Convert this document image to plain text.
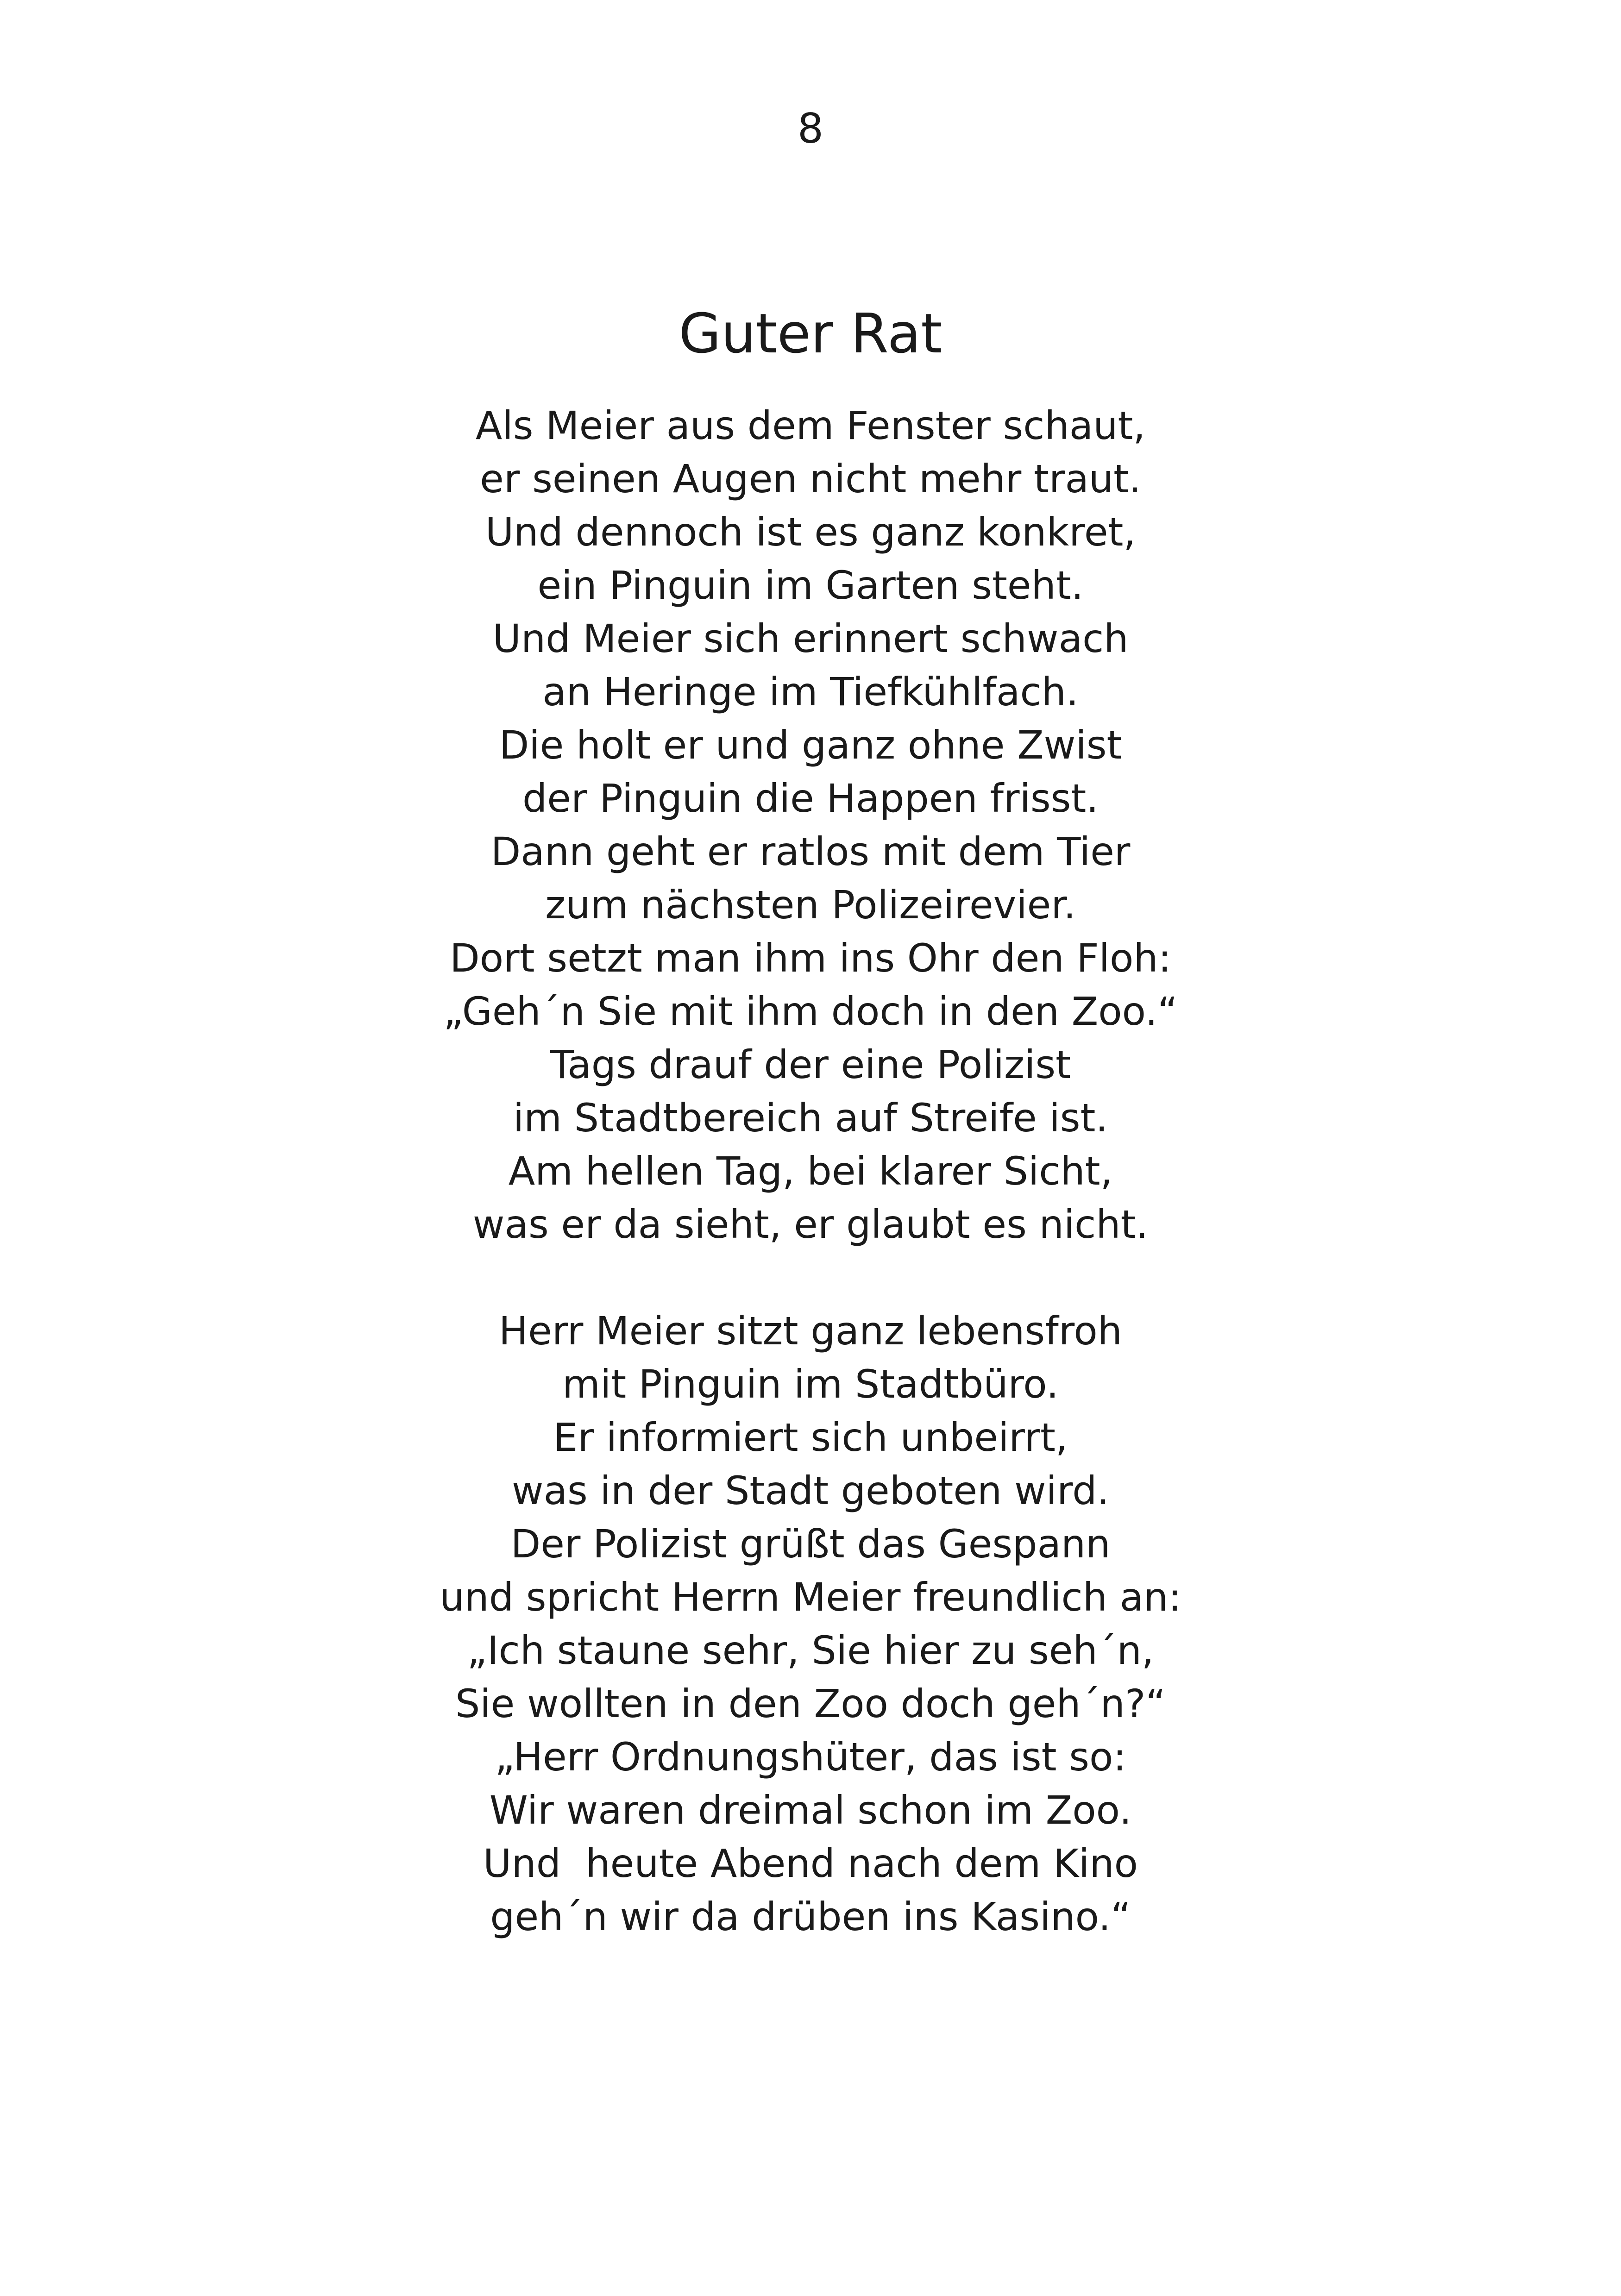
8
Guter Rat
Als Meier aus dem Fenster schaut,
er seinen Augen nicht mehr traut.
Und dennoch ist es ganz konkret,
ein Pinguin im Garten steht.
Und Meier sich erinnert schwach
an Heringe im Tiefkühlfach.
Die holt er und ganz ohne Zwist
der Pinguin die Happen frisst.
Dann geht er ratlos mit dem Tier
zum nächsten Polizeirevier.
Dort setzt man ihm ins Ohr den Floh:
„Geh´n Sie mit ihm doch in den Zoo.“
Tags drauf der eine Polizist
im Stadtbereich auf Streife ist.
Am hellen Tag, bei klarer Sicht,
was er da sieht, er glaubt es nicht.
Herr Meier sitzt ganz lebensfroh
mit Pinguin im Stadtbüro.
Er informiert sich unbeirrt,
was in der Stadt geboten wird.
Der Polizist grüßt das Gespann
und spricht Herrn Meier freundlich an:
„Ich staune sehr, Sie hier zu seh´n,
Sie wollten in den Zoo doch geh´n?“
„Herr Ordnungshüter, das ist so:
Wir waren dreimal schon im Zoo.
Und  heute Abend nach dem Kino
geh´n wir da drüben ins Kasino.“
